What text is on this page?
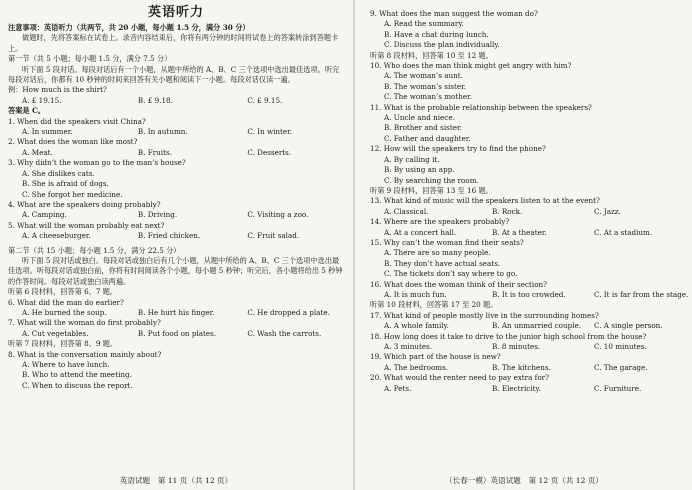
英语听力

注意事项：英语听力（共两节，共 20 小题，每小题 1.5 分，满分 30 分）

做题时，先将答案标在试卷上。录音内容结束后，你将有两分钟的时间将试卷上的答案转涂到答题卡上。

第一节（共 5 小题；每小题 1.5 分，满分 7.5 分）

听下面 5 段对话。每段对话后有一个小题，从题中所给的 A、B、C 三个选项中选出最佳选项。听完每段对话后，你都有 10 秒钟的时间来回答有关小题和阅读下一小题。每段对话仅读一遍。

例：How much is the shirt?

A. £ 19.15.	B. £ 9.18.	C. £ 9.15.

答案是 C。

1. When did the speakers visit China?

A. In summer.	B. In autumn.	C. In winter.

2. What does the woman like most?

A. Meat.	B. Fruits.	C. Desserts.

3. Why didn’t the woman go to the man’s house?

A. She dislikes cats.

B. She is afraid of dogs.

C. She forgot her medicine.

4. What are the speakers doing probably?

A. Camping.	B. Driving.	C. Visiting a zoo.

5. What will the woman probably eat next?

A. A cheeseburger.	B. Fried chicken.	C. Fruit salad.

第二节（共 15 小题；每小题 1.5 分，满分 22.5 分）

听下面 5 段对话或独白。每段对话或独白后有几个小题，从题中所给的 A、B、C 三个选项中选出最佳选项。听每段对话或独白前，你将有时间阅读各个小题，每小题 5 秒钟；听完后，各小题将给出 5 秒钟的作答时间。每段对话或独白读两遍。

听第 6 段材料，回答第 6、7 题。

6. What did the man do earlier?

A. He burned the soup.	B. He hurt his finger.	C. He dropped a plate.

7. What will the woman do first probably?

A. Cut vegetables.	B. Put food on plates.	C. Wash the carrots.

听第 7 段材料，回答第 8、9 题。

8. What is the conversation mainly about?

A. Where to have lunch.

B. Who to attend the meeting.

C. When to discuss the report.

英语试题　第 11 页（共 12 页）

9. What does the man suggest the woman do?

A. Read the summary.

B. Have a chat during lunch.

C. Discuss the plan individually.

听第 8 段材料，回答第 10 至 12 题。

10. Who does the man think might get angry with him?

A. The woman’s aunt.

B. The woman’s sister.

C. The woman’s mother.

11. What is the probable relationship between the speakers?

A. Uncle and niece.

B. Brother and sister.

C. Father and daughter.

12. How will the speakers try to find the phone?

A. By calling it.

B. By using an app.

C. By searching the room.

听第 9 段材料，回答第 13 至 16 题。

13. What kind of music will the speakers listen to at the event?

A. Classical.	B. Rock.	C. Jazz.

14. Where are the speakers probably?

A. At a concert hall.	B. At a theater.	C. At a stadium.

15. Why can’t the woman find their seats?

A. There are so many people.

B. They don’t have actual seats.

C. The tickets don’t say where to go.

16. What does the woman think of their section?

A. It is much fun.	B. It is too crowded.	C. It is far from the stage.

听第 10 段材料，回答第 17 至 20 题。

17. What kind of people mostly live in the surrounding homes?

A. A whole family.	B. An unmarried couple.	C. A single person.

18. How long does it take to drive to the junior high school from the house?

A. 3 minutes.	B. 8 minutes.	C. 10 minutes.

19. Which part of the house is new?

A. The bedrooms.	B. The kitchens.	C. The garage.

20. What would the renter need to pay extra for?

A. Pets.	B. Electricity.	C. Furniture.
（长春一模）英语试题　第 12 页（共 12 页）
